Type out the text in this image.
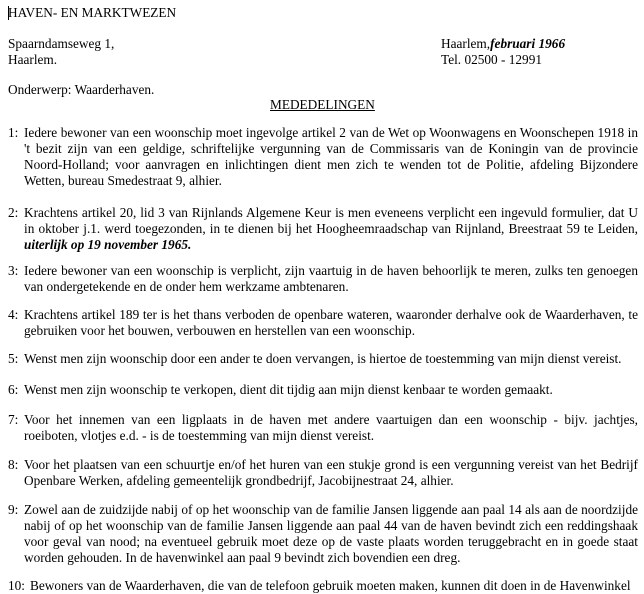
HAVEN- EN MARKTWEZEN
Spaarndamseweg 1,
Haarlem.
Haarlem,februari 1966
Tel. 02500 - 12991
Onderwerp: Waarderhaven.
MEDEDELINGEN
1: Iedere bewoner van een woonschip moet ingevolge artikel 2 van de Wet op Woonwagens en Woonschepen 1918 in 't bezit zijn van een geldige, schriftelijke vergunning van de Commissaris van de Koningin van de provincie Noord-Holland; voor aanvragen en inlichtingen dient men zich te wenden tot de Politie, afdeling Bijzondere Wetten, bureau Smedestraat 9, alhier.
2: Krachtens artikel 20, lid 3 van Rijnlands Algemene Keur is men eveneens verplicht een ingevuld formulier, dat U in oktober j.1. werd toegezonden, in te dienen bij het Hoogheemraadschap van Rijnland, Breestraat 59 te Leiden, uiterlijk op 19 november 1965.
3: Iedere bewoner van een woonschip is verplicht, zijn vaartuig in de haven behoorlijk te meren, zulks ten genoegen van ondergetekende en de onder hem werkzame ambtenaren.
4: Krachtens artikel 189 ter is het thans verboden de openbare wateren, waaronder derhalve ook de Waarderhaven, te gebruiken voor het bouwen, verbouwen en herstellen van een woonschip.
5: Wenst men zijn woonschip door een ander te doen vervangen, is hiertoe de toestemming van mijn dienst vereist.
6: Wenst men zijn woonschip te verkopen, dient dit tijdig aan mijn dienst kenbaar te worden gemaakt.
7: Voor het innemen van een ligplaats in de haven met andere vaartuigen dan een woonschip - bijv. jachtjes, roeiboten, vlotjes e.d. - is de toestemming van mijn dienst vereist.
8: Voor het plaatsen van een schuurtje en/of het huren van een stukje grond is een vergunning vereist van het Bedrijf Openbare Werken, afdeling gemeentelijk grondbedrijf, Jacobijnestraat 24, alhier.
9: Zowel aan de zuidzijde nabij of op het woonschip van de familie Jansen liggende aan paal 14 als aan de noordzijde nabij of op het woonschip van de familie Jansen liggende aan paal 44 van de haven bevindt zich een reddingshaak voor geval van nood; na eventueel gebruik moet deze op de vaste plaats worden teruggebracht en in goede staat worden gehouden. In de havenwinkel aan paal 9 bevindt zich bovendien een dreg.
10: Bewoners van de Waarderhaven, die van de telefoon gebruik moeten maken, kunnen dit doen in de Havenwinkel
